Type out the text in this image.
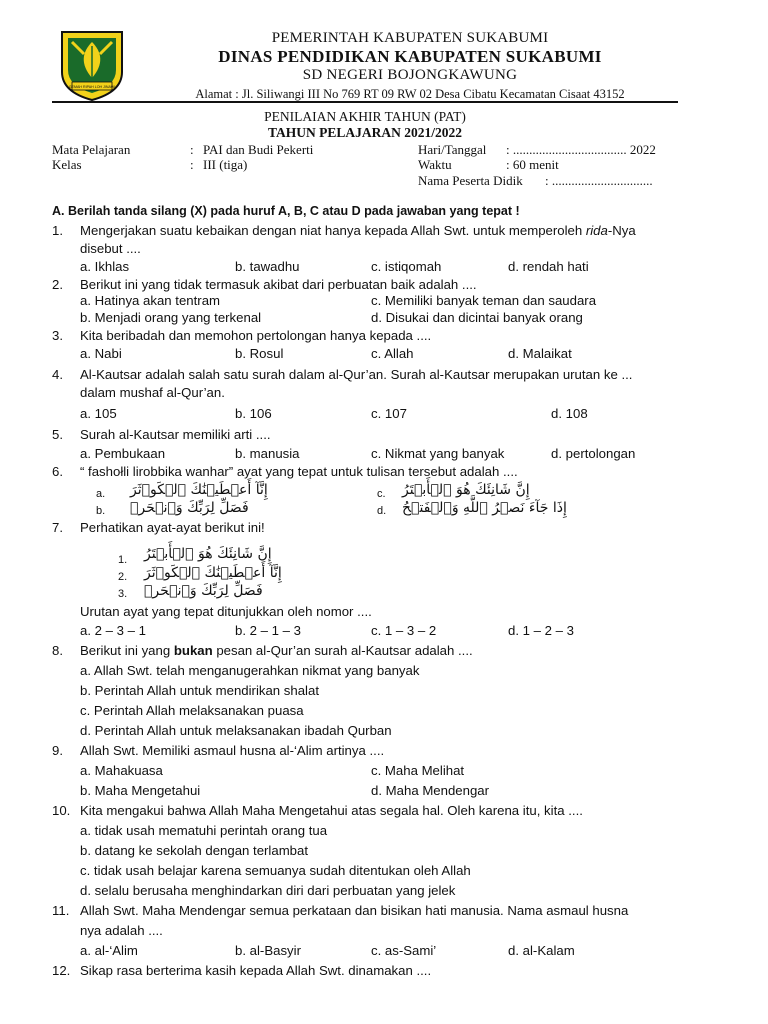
GEMAH RIPAH LOH JINAWI
PEMERINTAH KABUPATEN SUKABUMI
DINAS PENDIDIKAN KABUPATEN SUKABUMI
SD NEGERI BOJONGKAWUNG
Alamat : Jl. Siliwangi III No 769 RT 09 RW 02 Desa Cibatu Kecamatan Cisaat 43152
PENILAIAN AKHIR TAHUN (PAT)
TAHUN PELAJARAN 2021/2022
Mata Pelajaran	: PAI dan Budi Pekerti
Kelas	: III (tiga)
Hari/Tanggal : ................................... 2022
Waktu	: 60 menit
Nama Peserta Didik : ...............................
A. Berilah tanda silang (X) pada huruf A, B, C atau D pada jawaban yang tepat !
1. Mengerjakan suatu kebaikan dengan niat hanya kepada Allah Swt. untuk memperoleh rida-Nya
disebut ....
a. Ikhlas	b. tawadhu	c. istiqomah	d. rendah hati
2. Berikut ini yang tidak termasuk akibat dari perbuatan baik adalah ....
a. Hatinya akan tentram	c. Memiliki banyak teman dan saudara
b. Menjadi orang yang terkenal	d. Disukai dan dicintai banyak orang
3. Kita beribadah dan memohon pertolongan hanya kepada ....
a. Nabi	b. Rosul	c. Allah	d. Malaikat
4. Al-Kautsar adalah salah satu surah dalam al-Qur’an. Surah al-Kautsar merupakan urutan ke ...
dalam mushaf al-Qur’an.
a. 105	b. 106	c. 107	d. 108
5. Surah al-Kautsar memiliki arti ....
a. Pembukaan	b. manusia	c. Nikmat yang banyak	d. pertolongan
6. “ fashołli lirobbika wanhar” ayat yang tepat untuk tulisan tersebut adalah ....
a. إِنَّآ أَعۡطَيۡنَٰكَ ٱلۡكَوۡثَرَ
b. فَصَلِّ لِرَبِّكَ وَٱنۡحَرۡ
c. إِنَّ شَانِئَكَ هُوَ ٱلۡأَبۡتَرُ
d. إِذَا جَآءَ نَصۡرُ ٱللَّهِ وَٱلۡفَتۡحُ
7. Perhatikan ayat-ayat berikut ini!
1. إِنَّ شَانِئَكَ هُوَ ٱلۡأَبۡتَرُ
2. إِنَّآ أَعۡطَيۡنَٰكَ ٱلۡكَوۡثَرَ
3. فَصَلِّ لِرَبِّكَ وَٱنۡحَرۡ
Urutan ayat yang tepat ditunjukkan oleh nomor ....
a. 2 – 3 – 1	b. 2 – 1 – 3	c. 1 – 3 – 2	d. 1 – 2 – 3
8. Berikut ini yang bukan pesan al-Qur’an surah al-Kautsar adalah ....
a. Allah Swt. telah menganugerahkan nikmat yang banyak
b. Perintah Allah untuk mendirikan shalat
c. Perintah Allah melaksanakan puasa
d. Perintah Allah untuk melaksanakan ibadah Qurban
9. Allah Swt. Memiliki asmaul husna al-‘Alim artinya ....
a. Mahakuasa	c. Maha Melihat
b. Maha Mengetahui	d. Maha Mendengar
10. Kita mengakui bahwa Allah Maha Mengetahui atas segala hal. Oleh karena itu, kita ....
a. tidak usah mematuhi perintah orang tua
b. datang ke sekolah dengan terlambat
c. tidak usah belajar karena semuanya sudah ditentukan oleh Allah
d. selalu berusaha menghindarkan diri dari perbuatan yang jelek
11. Allah Swt. Maha Mendengar semua perkataan dan bisikan hati manusia. Nama asmaul husna
nya adalah ....
a. al-‘Alim	b. al-Basyir	c. as-Sami’	d. al-Kalam
12. Sikap rasa berterima kasih kepada Allah Swt. dinamakan ....
